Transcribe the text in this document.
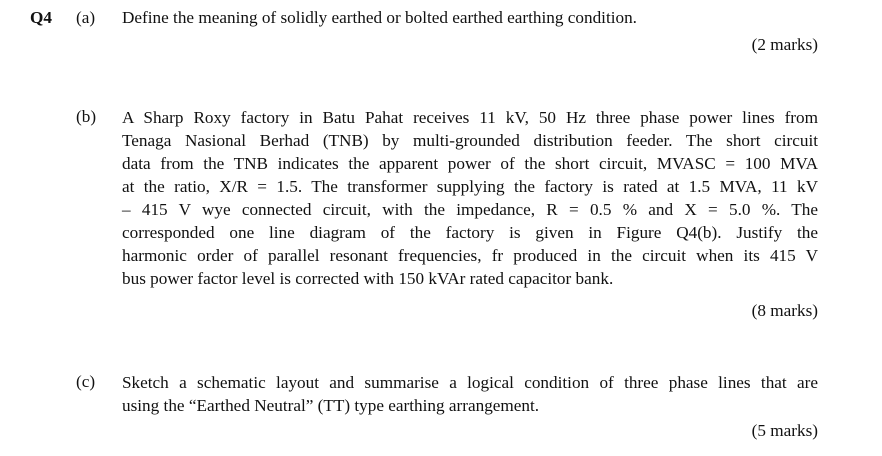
Q4 (a) Define the meaning of solidly earthed or bolted earthed earthing condition.
(2 marks)
(b) A Sharp Roxy factory in Batu Pahat receives 11 kV, 50 Hz three phase power lines from
Tenaga Nasional Berhad (TNB) by multi-grounded distribution feeder. The short circuit
data from the TNB indicates the apparent power of the short circuit, MVASC = 100 MVA
at the ratio, X/R = 1.5. The transformer supplying the factory is rated at 1.5 MVA, 11 kV
– 415 V wye connected circuit, with the impedance, R = 0.5 % and X = 5.0 %. The
corresponded one line diagram of the factory is given in Figure Q4(b). Justify the
harmonic order of parallel resonant frequencies, fr produced in the circuit when its 415 V
bus power factor level is corrected with 150 kVAr rated capacitor bank.
(8 marks)
(c) Sketch a schematic layout and summarise a logical condition of three phase lines that are
using the “Earthed Neutral” (TT) type earthing arrangement.
(5 marks)
